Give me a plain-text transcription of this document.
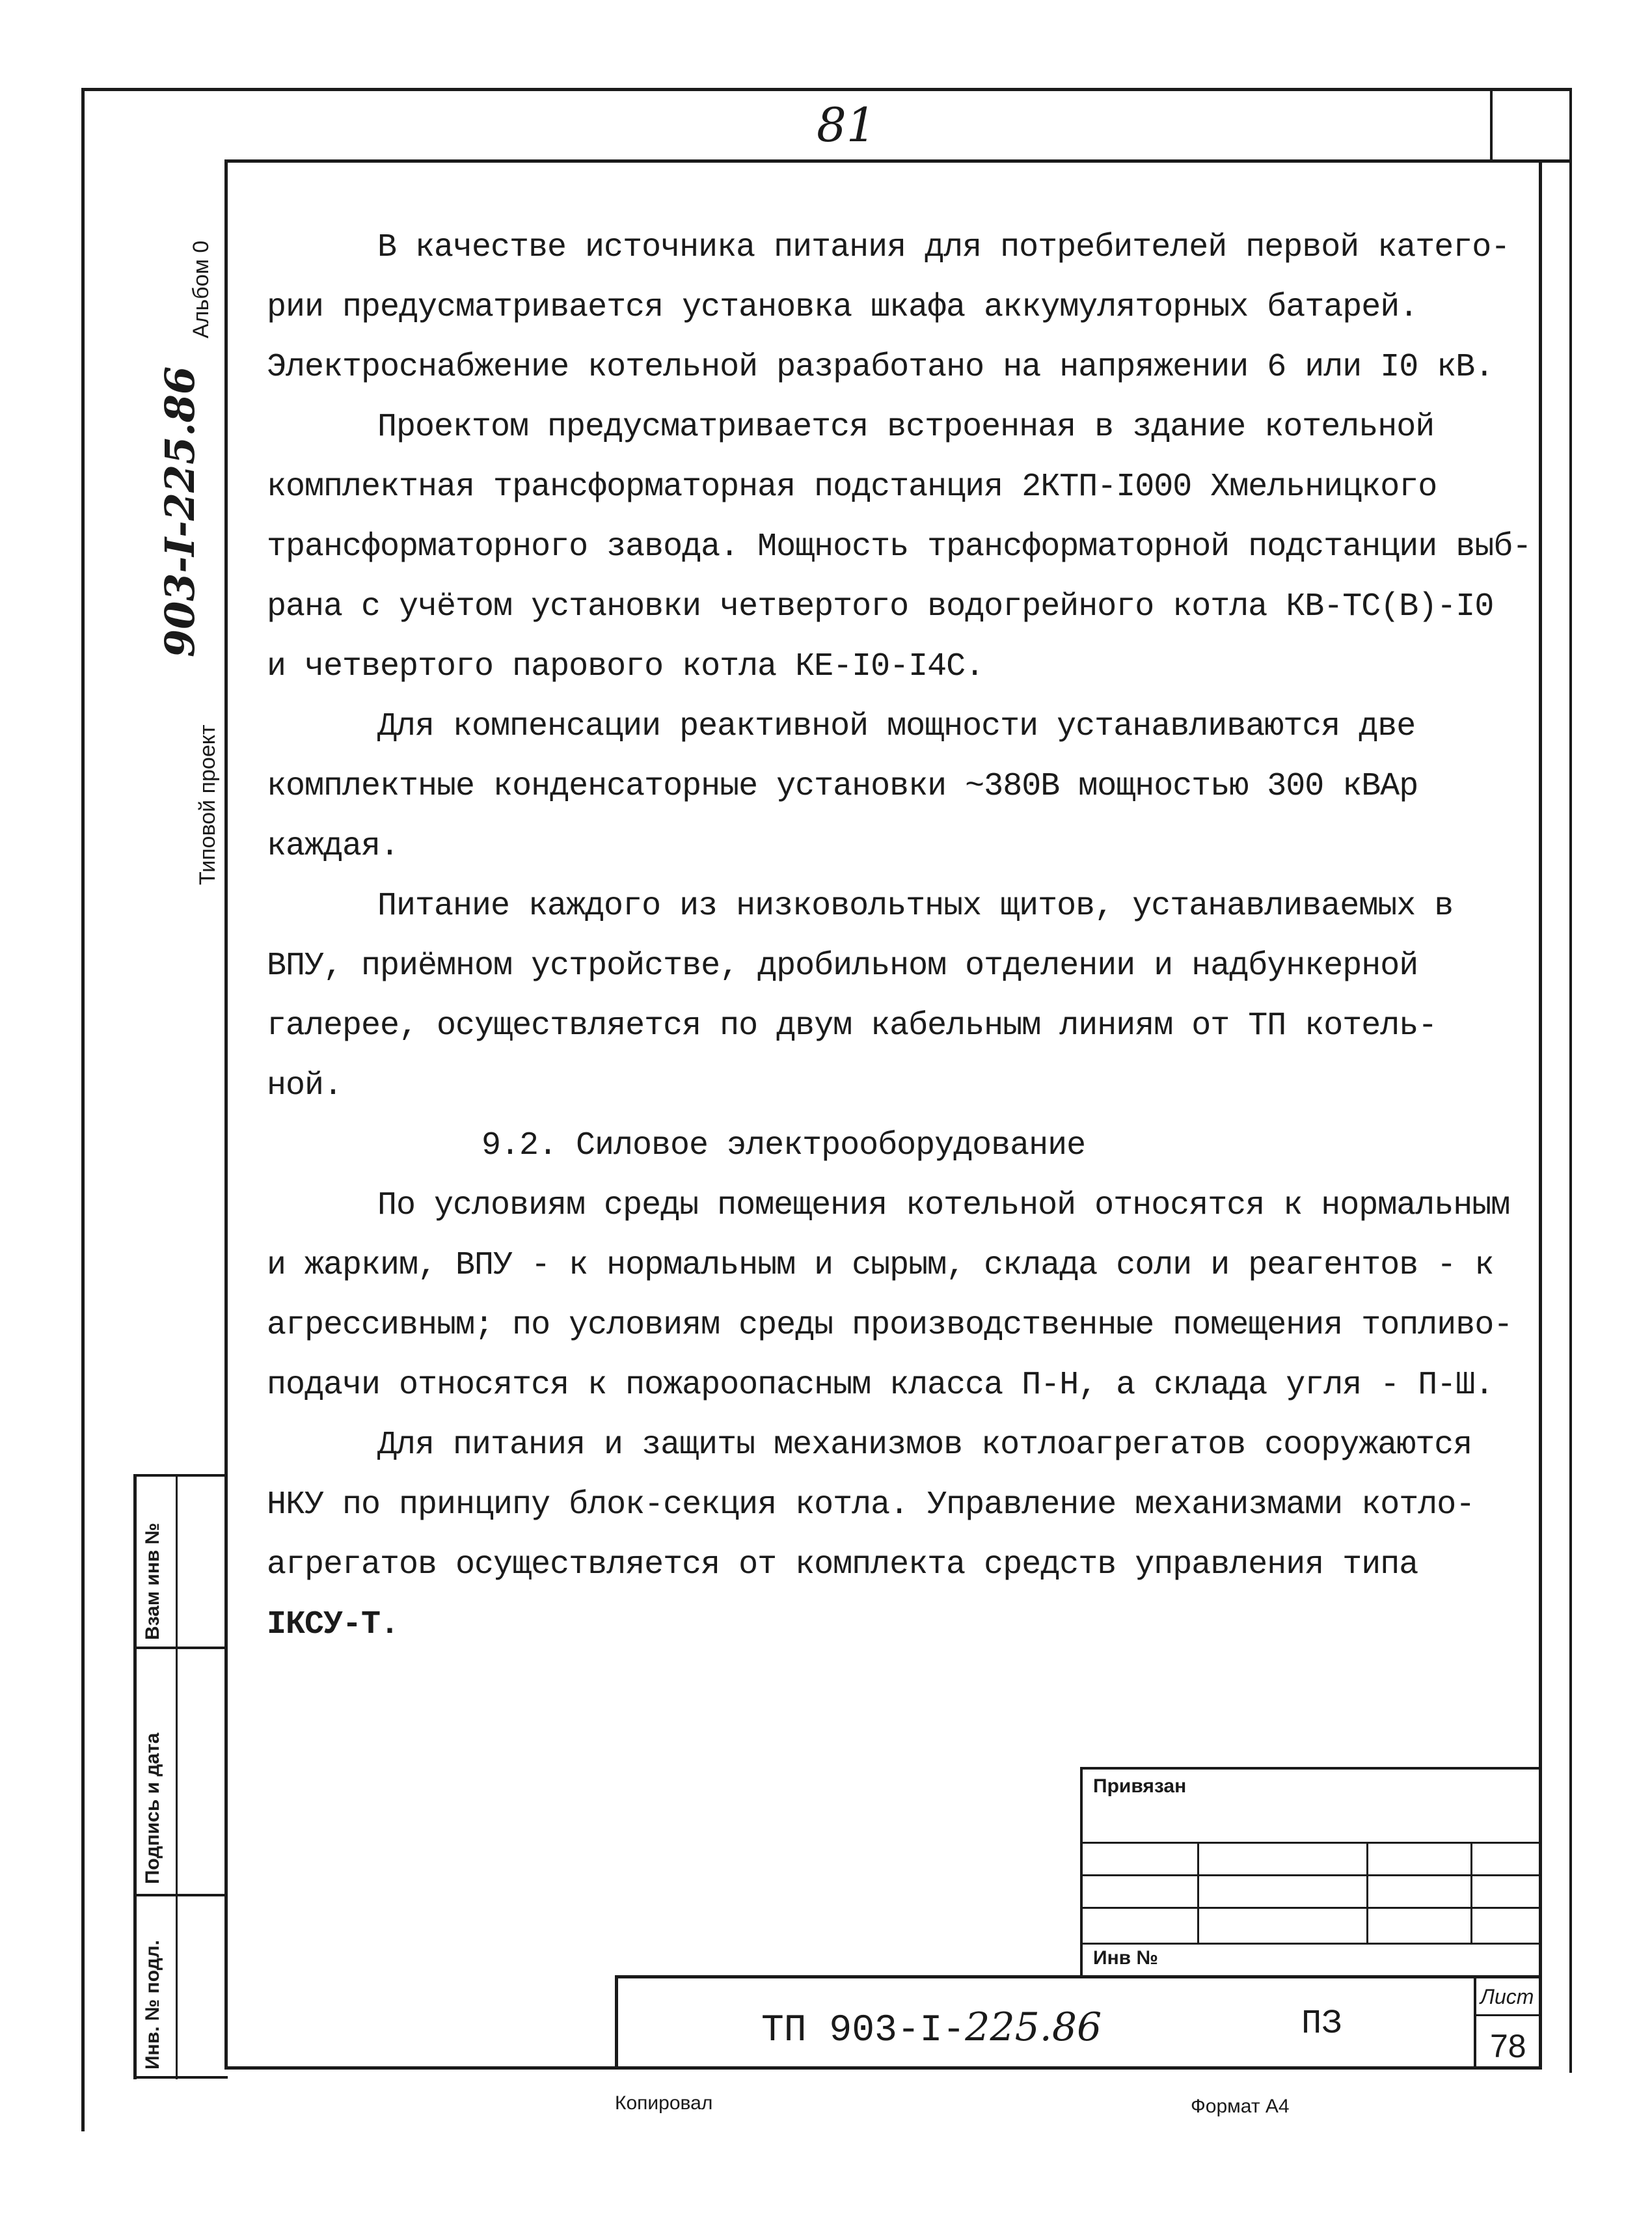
81
Альбом 0
903-I-225.86
Типовой проект
Взам инв №
Подпись и дата
Инв. № подл.

В качестве источника питания для потребителей первой катего-

рии предусматривается установка шкафа аккумуляторных батарей.

Электроснабжение котельной разработано на напряжении 6 или I0 кВ.

Проектом предусматривается встроенная в здание котельной

комплектная трансформаторная подстанция 2КТП-I000 Хмельницкого

трансформаторного завода. Мощность трансформаторной подстанции выб-

рана с учётом установки четвертого водогрейного котла КВ-ТС(В)-I0

и четвертого парового котла КЕ-I0-I4С.

Для компенсации реактивной мощности устанавливаются две

комплектные конденсаторные установки ~380В мощностью 300 кВАр

каждая.

Питание каждого из низковольтных щитов, устанавливаемых в

ВПУ, приёмном устройстве, дробильном отделении и надбункерной

галерее, осуществляется по двум кабельным линиям от ТП котель-

ной.

9.2. Силовое электрооборудование

По условиям среды помещения котельной относятся к нормальным

и жарким, ВПУ - к нормальным и сырым, склада соли и реагентов - к

агрессивным; по условиям среды производственные помещения топливо-

подачи относятся к пожароопасным класса П-Н, а склада угля - П-Ш.

Для питания и защиты механизмов котлоагрегатов сооружаются

НКУ по принципу блок-секция котла. Управление механизмами котло-

агрегатов осуществляется от комплекта средств управления типа

IКСУ-Т.

Привязан
Инв №
ТП 903-I-225.86	ПЗ
Лист
78
Копировал	Формат А4
